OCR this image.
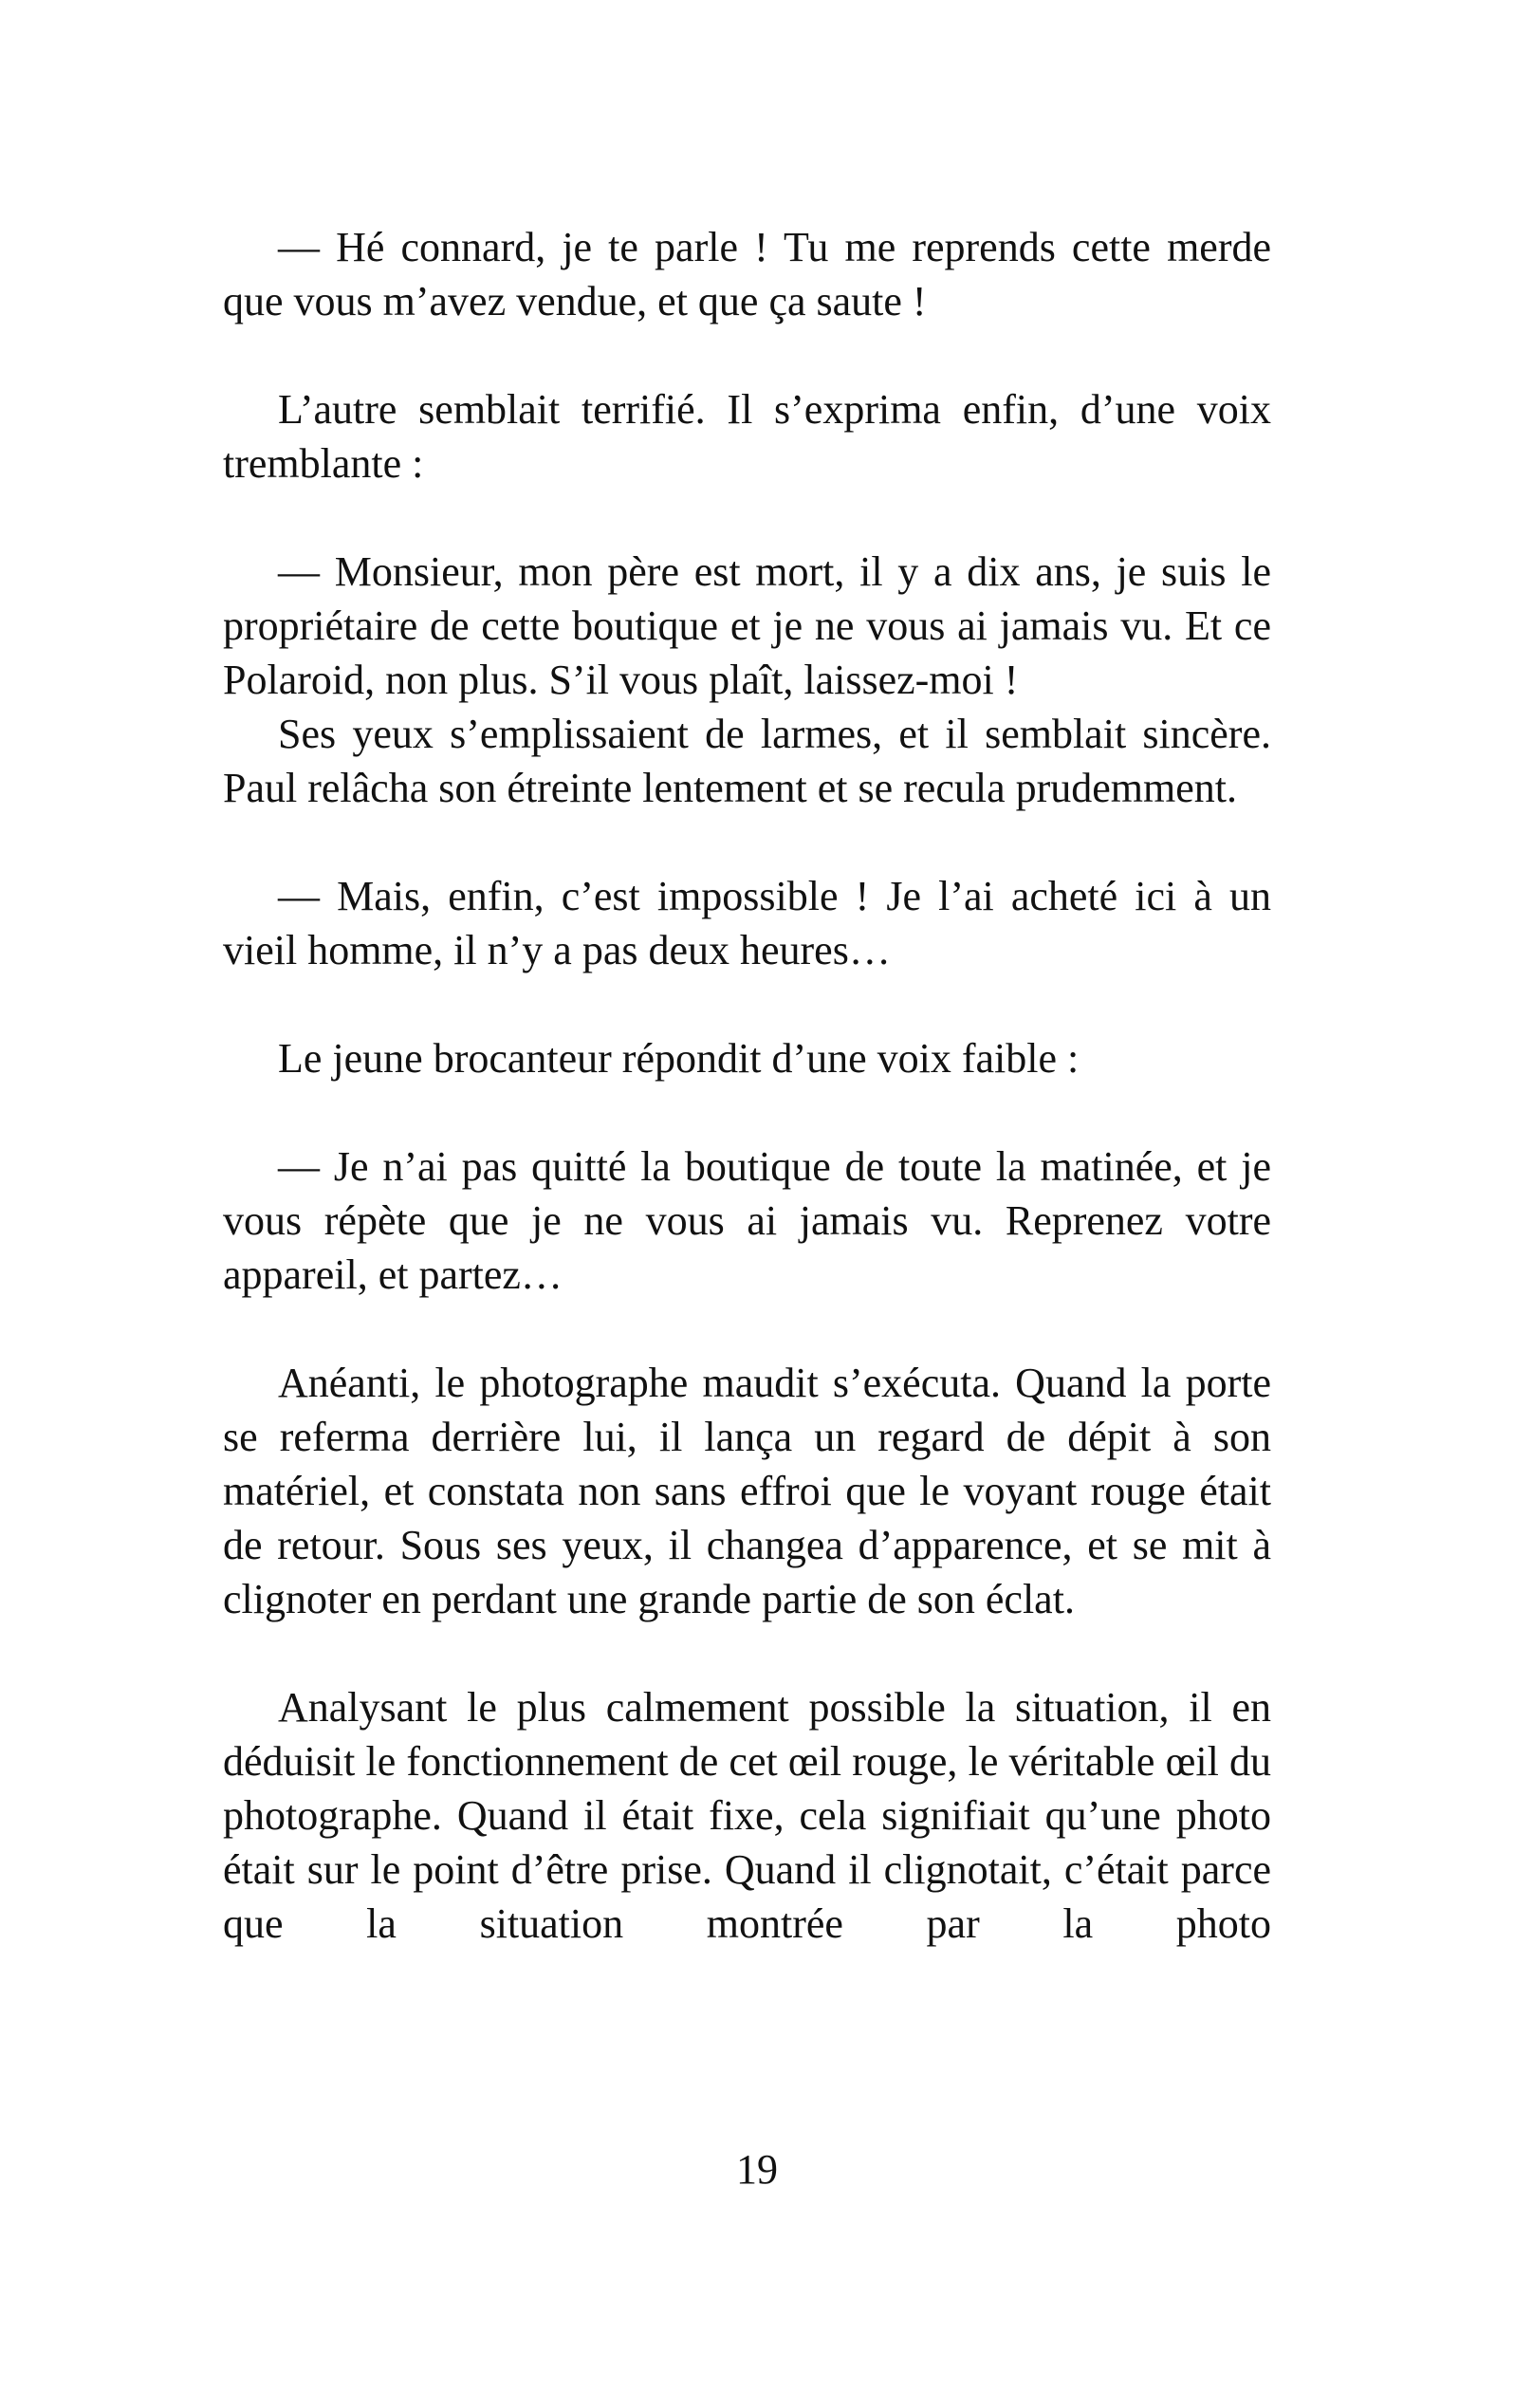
— Hé connard, je te parle ! Tu me reprends cette merde que vous m’avez vendue, et que ça saute !

L’autre semblait terrifié. Il s’exprima enfin, d’une voix tremblante :

— Monsieur, mon père est mort, il y a dix ans, je suis le propriétaire de cette boutique et je ne vous ai jamais vu. Et ce Polaroid, non plus. S’il vous plaît, laissez-moi !

Ses yeux s’emplissaient de larmes, et il semblait sincère. Paul relâcha son étreinte lentement et se recula prudemment.

— Mais, enfin, c’est impossible ! Je l’ai acheté ici à un vieil homme, il n’y a pas deux heures…

Le jeune brocanteur répondit d’une voix faible :

— Je n’ai pas quitté la boutique de toute la matinée, et je vous répète que je ne vous ai jamais vu. Reprenez votre appareil, et partez…

Anéanti, le photographe maudit s’exécuta. Quand la porte se referma derrière lui, il lança un regard de dépit à son matériel, et constata non sans effroi que le voyant rouge était de retour. Sous ses yeux, il changea d’apparence, et se mit à clignoter en perdant une grande partie de son éclat.

Analysant le plus calmement possible la situation, il en déduisit le fonctionnement de cet œil rouge, le véritable œil du photographe. Quand il était fixe, cela signifiait qu’une photo était sur le point d’être prise. Quand il clignotait, c’était parce que la situation montrée par la photo

19
